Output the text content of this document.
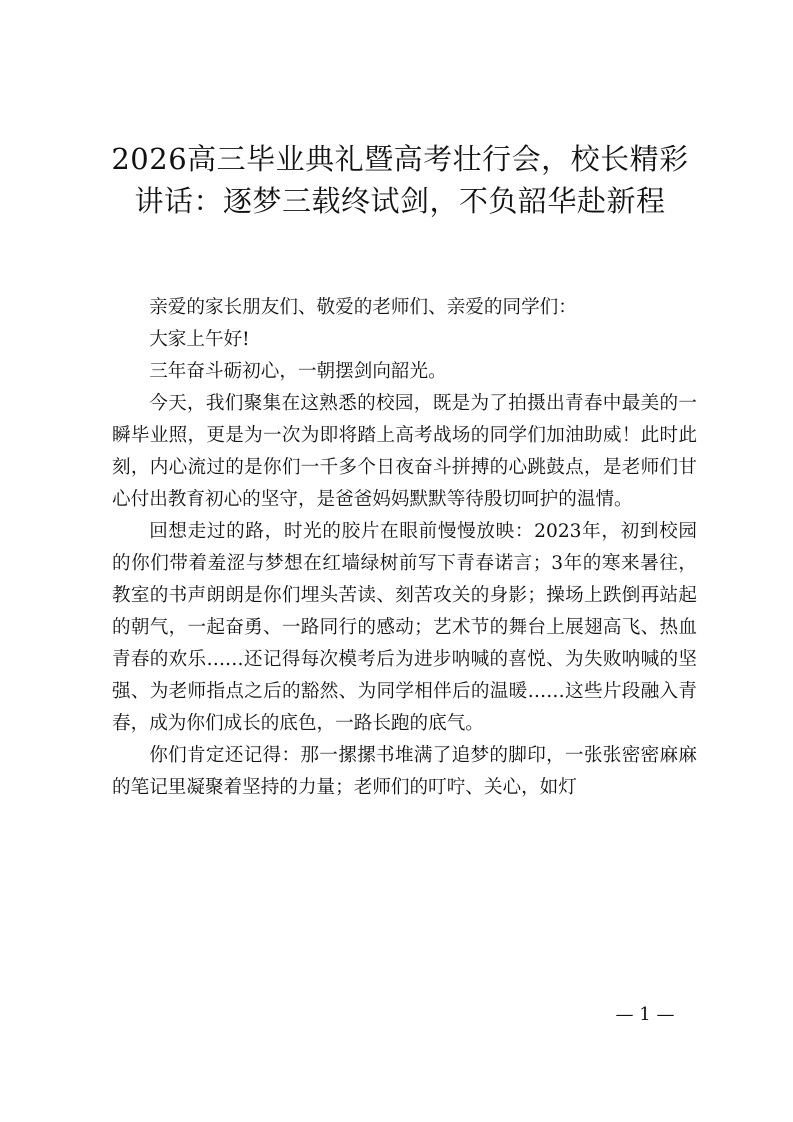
2026高三毕业典礼暨高考壮行会，校长精彩讲话：逐梦三载终试剑，不负韶华赴新程

亲爱的家长朋友们、敬爱的老师们、亲爱的同学们：

大家上午好!

三年奋斗砺初心，一朝摆剑向韶光。

今天，我们聚集在这熟悉的校园，既是为了拍摄出青春中最美的一瞬毕业照，更是为一次为即将踏上高考战场的同学们加油助威！此时此刻，内心流过的是你们一千多个日夜奋斗拼搏的心跳鼓点，是老师们甘心付出教育初心的坚守，是爸爸妈妈默默等待殷切呵护的温情。

回想走过的路，时光的胶片在眼前慢慢放映：2023年，初到校园的你们带着羞涩与梦想在红墙绿树前写下青春诺言；3年的寒来暑往，教室的书声朗朗是你们埋头苦读、刻苦攻关的身影；操场上跌倒再站起的朝气，一起奋勇、一路同行的感动；艺术节的舞台上展翅高飞、热血青春的欢乐……还记得每次模考后为进步呐喊的喜悦、为失败呐喊的坚强、为老师指点之后的豁然、为同学相伴后的温暖……这些片段融入青春，成为你们成长的底色，一路长跑的底气。

你们肯定还记得：那一摞摞书堆满了追梦的脚印，一张张密密麻麻的笔记里凝聚着坚持的力量；老师们的叮咛、关心，如灯

— 1 —
